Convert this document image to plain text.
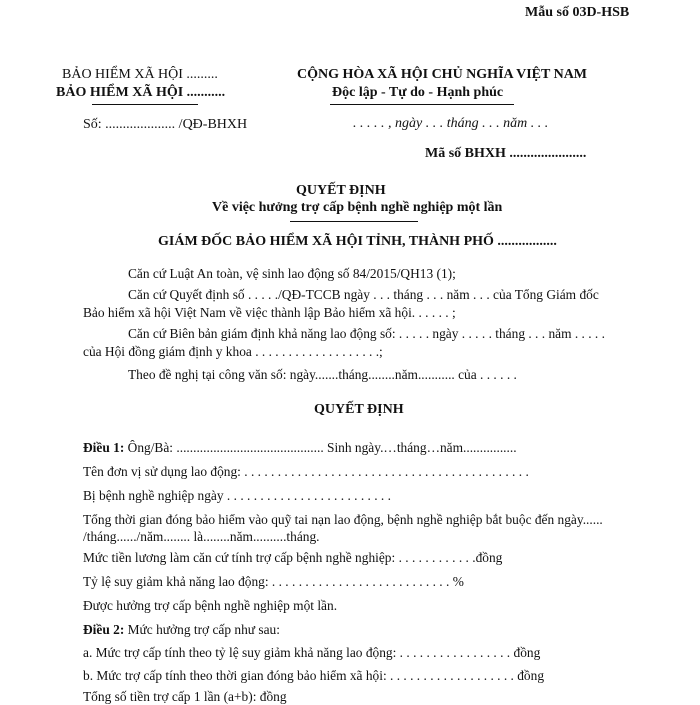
Mẫu số 03D-HSB
BẢO HIỂM XÃ HỘI .........
BẢO HIỂM XÃ HỘI ...........
Số: .................... /QĐ-BHXH
CỘNG HÒA XÃ HỘI CHỦ NGHĨA VIỆT NAM
Độc lập - Tự do - Hạnh phúc
. . . . . , ngày . . . tháng . . . năm . . .
Mã số BHXH ......................
QUYẾT ĐỊNH
Về việc hưởng trợ cấp bệnh nghề nghiệp một lần
GIÁM ĐỐC BẢO HIỂM XÃ HỘI TỈNH, THÀNH PHỐ .................
Căn cứ Luật An toàn, vệ sinh lao động số 84/2015/QH13 (1);
Căn cứ Quyết định số . . . . ./QĐ-TCCB ngày . . . tháng . . . năm . . . của Tổng Giám đốc
Bảo hiểm xã hội Việt Nam về việc thành lập Bảo hiểm xã hội. . . . . . ;
Căn cứ Biên bản giám định khả năng lao động số: . . . . . ngày . . . . . tháng . . . năm . . . . .
của Hội đồng giám định y khoa . . . . . . . . . . . . . . . . . . .;
Theo đề nghị tại công văn số: ngày.......tháng........năm........... của . . . . . .
QUYẾT ĐỊNH
Điều 1: Ông/Bà: ............................................ Sinh ngày.…tháng…năm................
Tên đơn vị sử dụng lao động: . . . . . . . . . . . . . . . . . . . . . . . . . . . . . . . . . . . . . . . . . . .
Bị bệnh nghề nghiệp ngày . . . . . . . . . . . . . . . . . . . . . . . . .
Tổng thời gian đóng bảo hiểm vào quỹ tai nạn lao động, bệnh nghề nghiệp bắt buộc đến ngày......
/tháng....../năm........ là........năm..........tháng.
Mức tiền lương làm căn cứ tính trợ cấp bệnh nghề nghiệp: . . . . . . . . . . . .đồng
Tỷ lệ suy giảm khả năng lao động: . . . . . . . . . . . . . . . . . . . . . . . . . . . %
Được hưởng trợ cấp bệnh nghề nghiệp một lần.
Điều 2: Mức hưởng trợ cấp như sau:
a. Mức trợ cấp tính theo tỷ lệ suy giảm khả năng lao động: . . . . . . . . . . . . . . . . . đồng
b. Mức trợ cấp tính theo thời gian đóng bảo hiểm xã hội: . . . . . . . . . . . . . . . . . . . đồng
Tổng số tiền trợ cấp 1 lần (a+b): đồng
